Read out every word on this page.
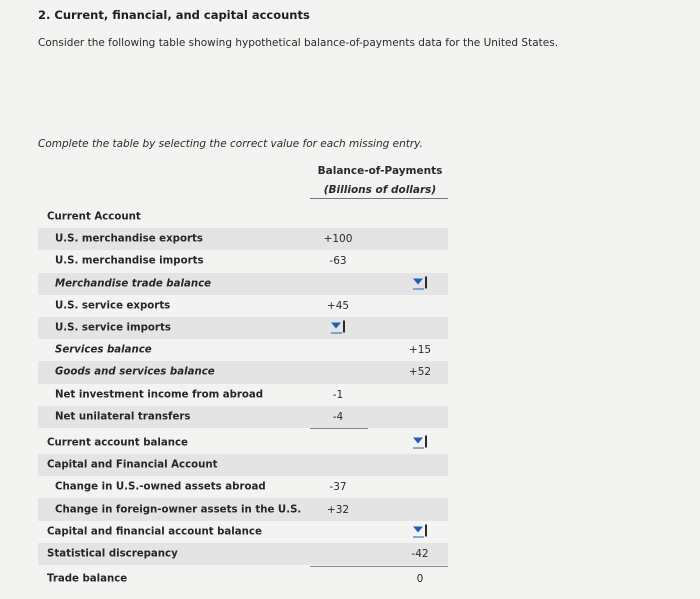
2. Current, financial, and capital accounts
Consider the following table showing hypothetical balance-of-payments data for the United States.
Complete the table by selecting the correct value for each missing entry.
Balance-of-Payments
(Billions of dollars)
Current Account
U.S. merchandise exports	+100
U.S. merchandise imports	-63
Merchandise trade balance
U.S. service exports	+45
U.S. service imports
Services balance	+15
Goods and services balance	+52
Net investment income from abroad	-1
Net unilateral transfers	-4
Current account balance
Capital and Financial Account
Change in U.S.-owned assets abroad	-37
Change in foreign-owner assets in the U.S.	+32
Capital and financial account balance
Statistical discrepancy	-42
Trade balance	0
